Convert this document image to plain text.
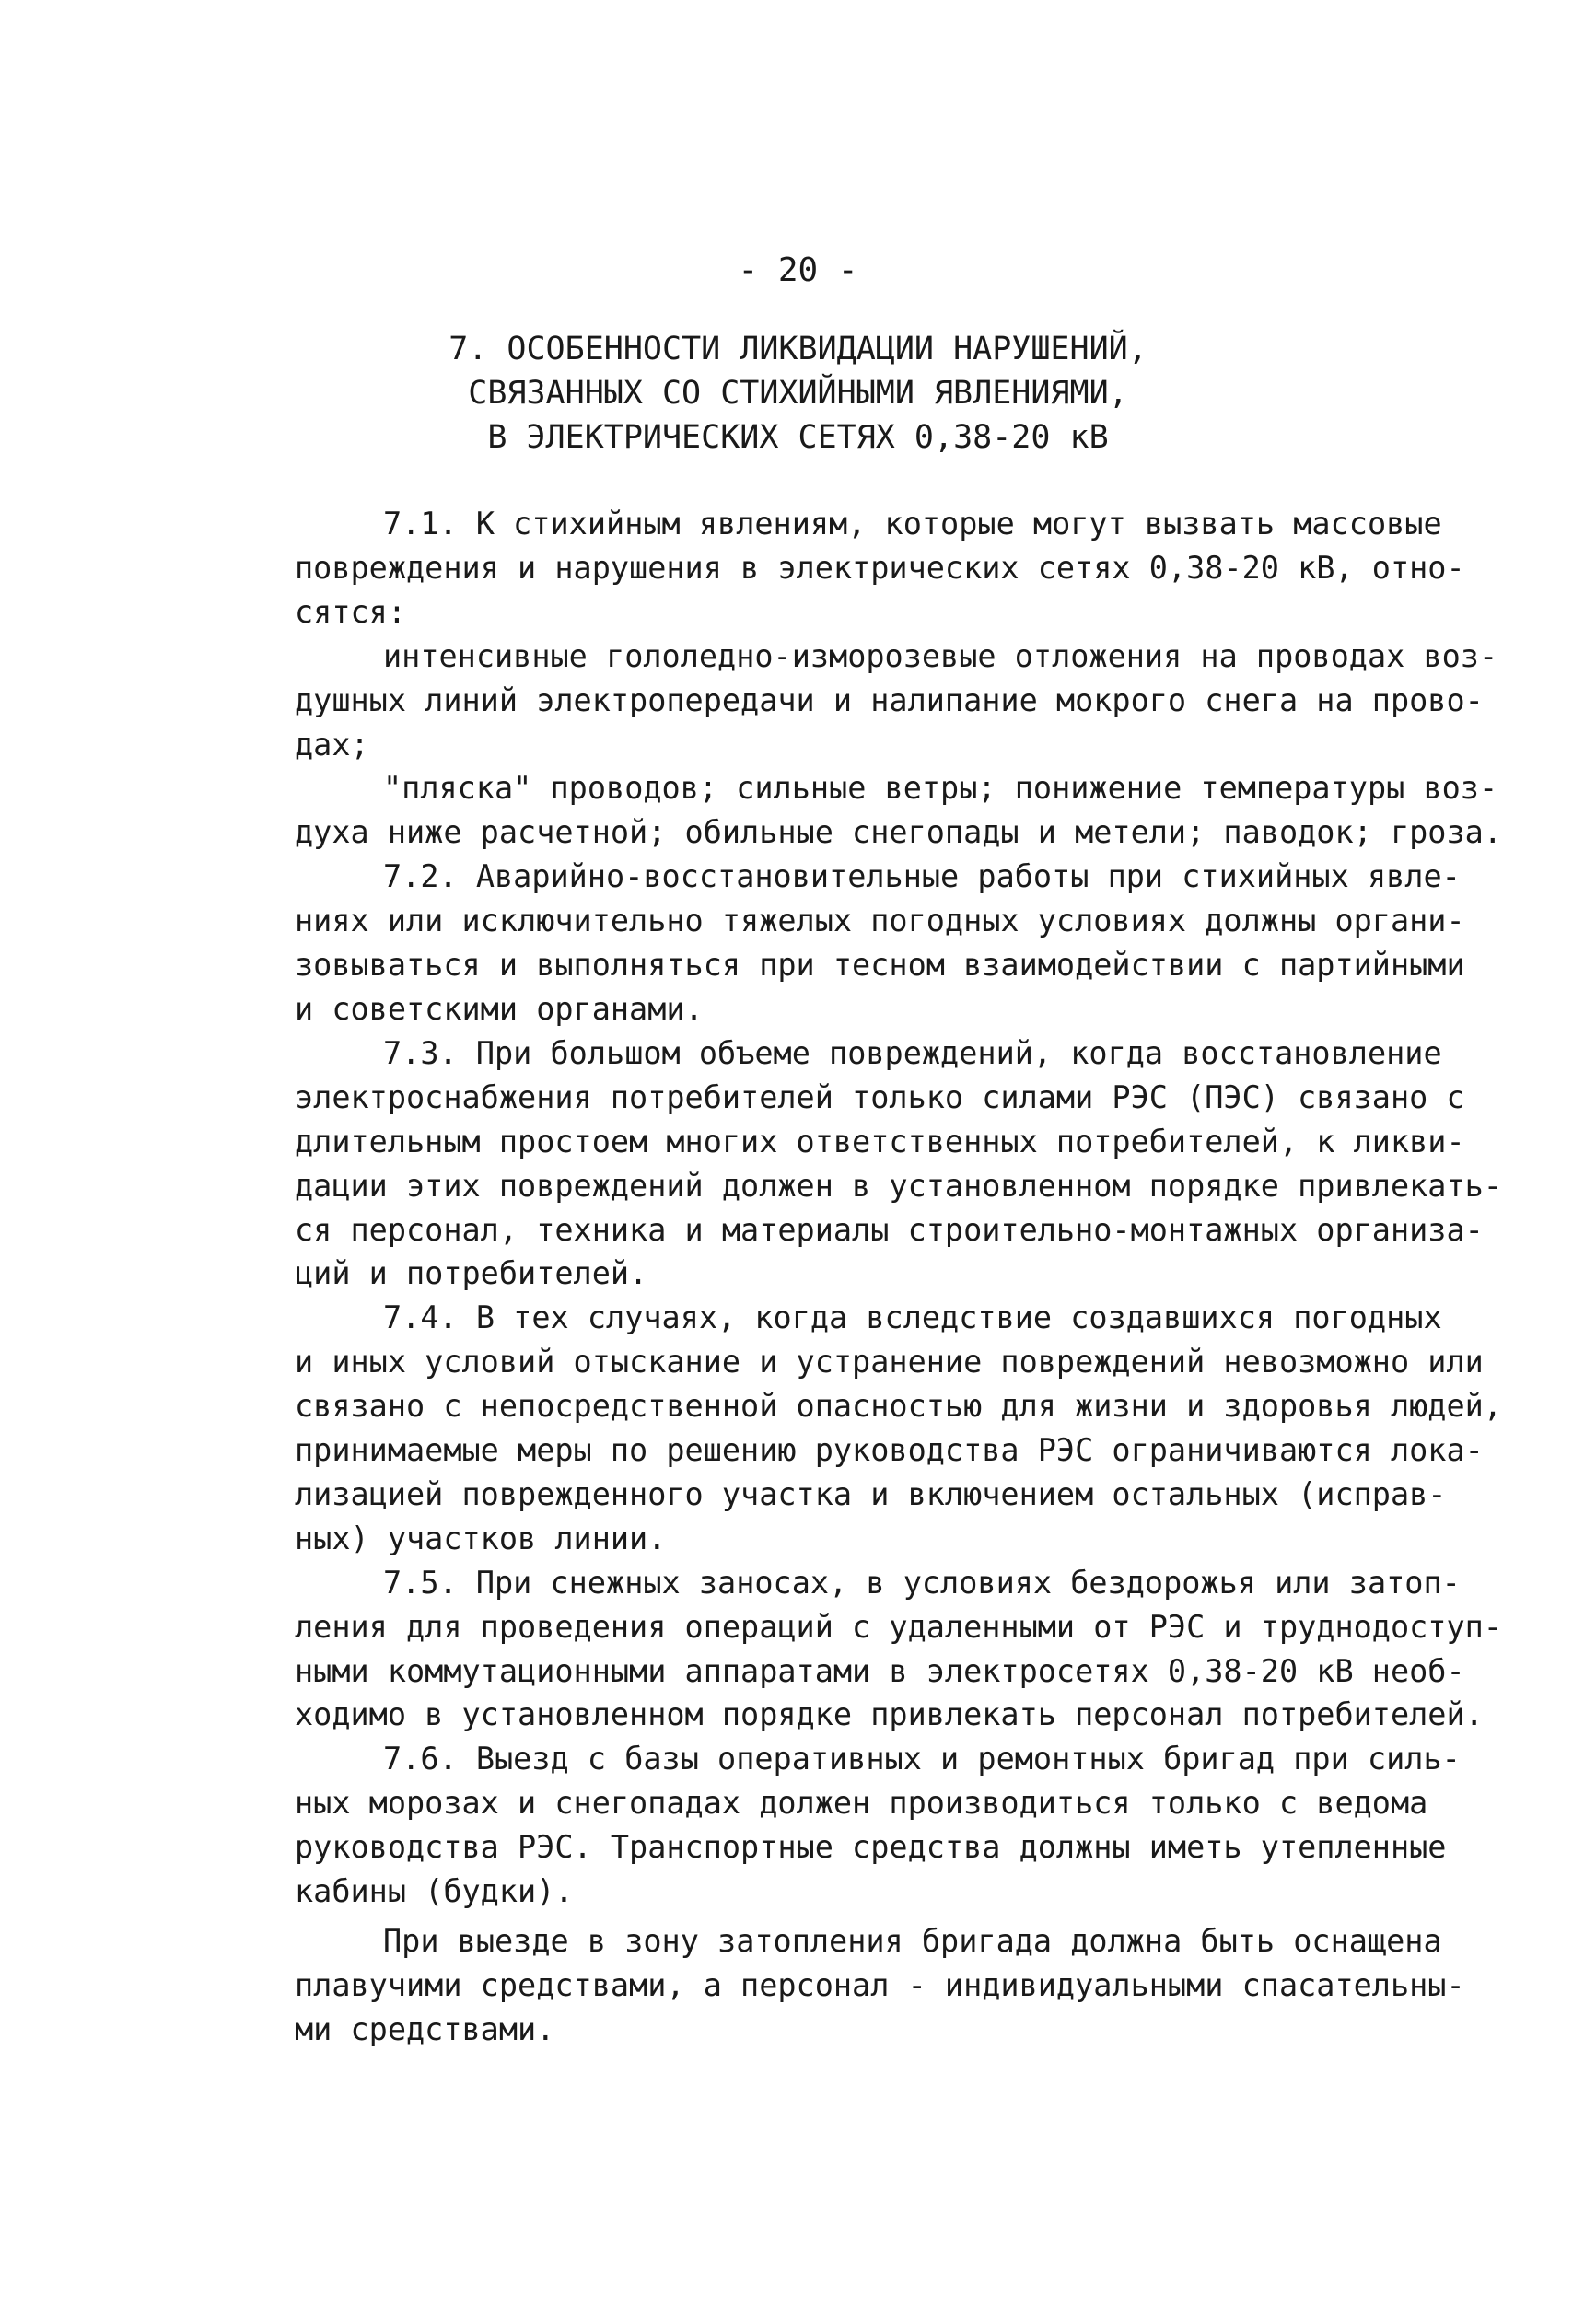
- 20 -
7. ОСОБЕННОСТИ ЛИКВИДАЦИИ НАРУШЕНИЙ,
СВЯЗАННЫХ СО СТИХИЙНЫМИ ЯВЛЕНИЯМИ,
В ЭЛЕКТРИЧЕСКИХ СЕТЯХ 0,38-20 кВ
7.1. К стихийным явлениям, которые могут вызвать массовые
повреждения и нарушения в электрических сетях 0,38-20 кВ, отно-
сятся:
интенсивные гололедно-изморозевые отложения на проводах воз-
душных линий электропередачи и налипание мокрого снега на прово-
дах;
"пляска" проводов; сильные ветры; понижение температуры воз-
духа ниже расчетной; обильные снегопады и метели; паводок; гроза.
7.2. Аварийно-восстановительные работы при стихийных явле-
ниях или исключительно тяжелых погодных условиях должны органи-
зовываться и выполняться при тесном взаимодействии с партийными
и советскими органами.
7.3. При большом объеме повреждений, когда восстановление
электроснабжения потребителей только силами РЭС (ПЭС) связано с
длительным простоем многих ответственных потребителей, к ликви-
дации этих повреждений должен в установленном порядке привлекать-
ся персонал, техника и материалы строительно-монтажных организа-
ций и потребителей.
7.4. В тех случаях, когда вследствие создавшихся погодных
и иных условий отыскание и устранение повреждений невозможно или
связано с непосредственной опасностью для жизни и здоровья людей,
принимаемые меры по решению руководства РЭС ограничиваются лока-
лизацией поврежденного участка и включением остальных (исправ-
ных) участков линии.
7.5. При снежных заносах, в условиях бездорожья или затоп-
ления для проведения операций с удаленными от РЭС и труднодоступ-
ными коммутационными аппаратами в электросетях 0,38-20 кВ необ-
ходимо в установленном порядке привлекать персонал потребителей.
7.6. Выезд с базы оперативных и ремонтных бригад при силь-
ных морозах и снегопадах должен производиться только с ведома
руководства РЭС. Транспортные средства должны иметь утепленные
кабины (будки).
При выезде в зону затопления бригада должна быть оснащена
плавучими средствами, а персонал - индивидуальными спасательны-
ми средствами.
